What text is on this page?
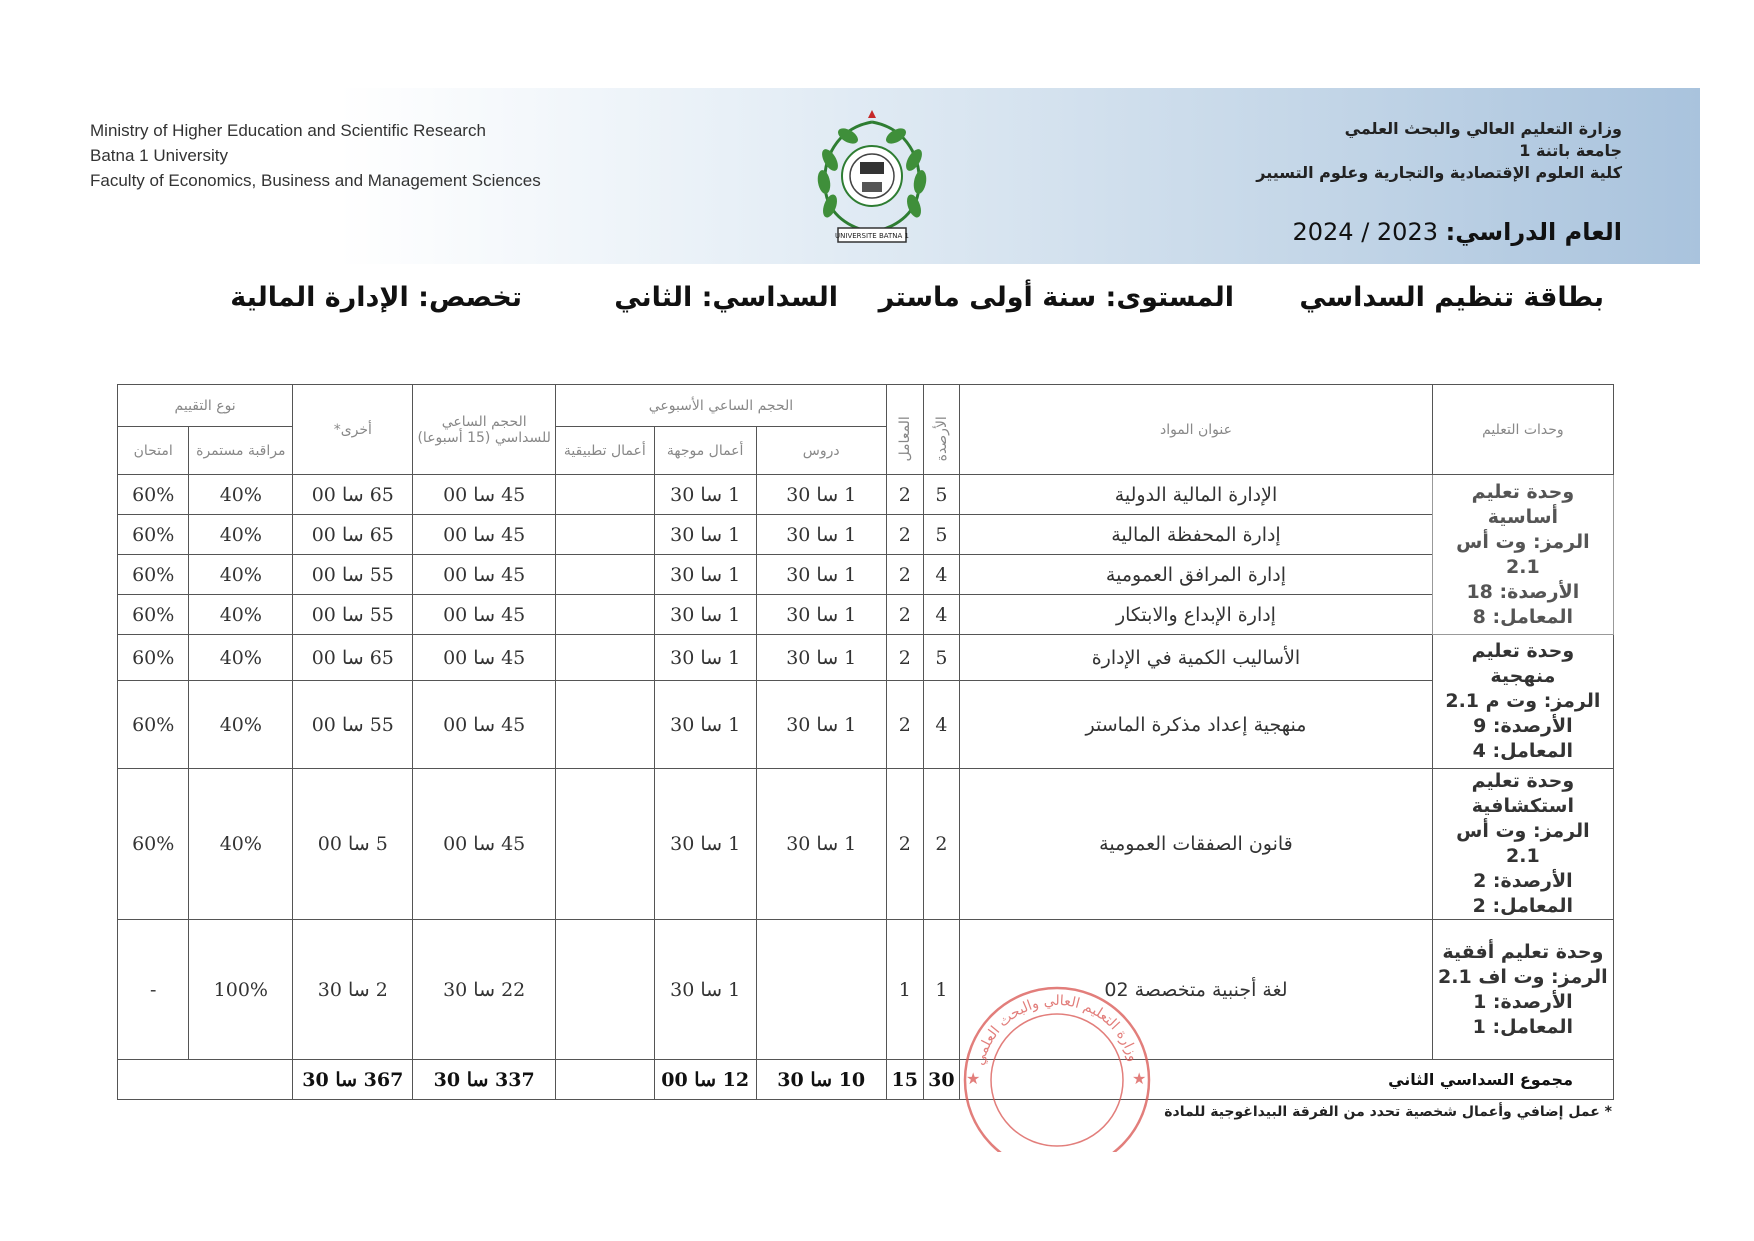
Ministry of Higher Education and Scientific Research
Batna 1 University
Faculty of Economics, Business and Management Sciences
UNIVERSITE BATNA 1
وزارة التعليم العالي والبحث العلمي
جامعة باتنة 1
كلية العلوم الإقتصادية والتجارية وعلوم التسيير
العام الدراسي: 2024 / 2023
بطاقة تنظيم السداسي
المستوى: سنة أولى ماستر
السداسي: الثاني
تخصص: الإدارة المالية
وحدات التعليم	عنوان المواد	الأرصدة	المعامل	الحجم الساعي الأسبوعي			الحجم الساعي للسداسي (15 أسبوعا)	أخرى*	نوع التقييم	
				دروس	أعمال موجهة	أعمال تطبيقية			مراقبة مستمرة	امتحان

وحدة تعليم أساسية
الرمز: وت أس 2.1
الأرصدة: 18
المعامل: 8	الإدارة المالية الدولية	5	2	1 سا 30	1 سا 30		45 سا 00	65 سا 00	40%	60%
	إدارة المحفظة المالية	5	2	1 سا 30	1 سا 30		45 سا 00	65 سا 00	40%	60%
	إدارة المرافق العمومية	4	2	1 سا 30	1 سا 30		45 سا 00	55 سا 00	40%	60%
	إدارة الإبداع والابتكار	4	2	1 سا 30	1 سا 30		45 سا 00	55 سا 00	40%	60%

وحدة تعليم منهجية
الرمز: وت م 2.1
الأرصدة: 9
المعامل: 4	الأساليب الكمية في الإدارة	5	2	1 سا 30	1 سا 30		45 سا 00	65 سا 00	40%	60%
	منهجية إعداد مذكرة الماستر	4	2	1 سا 30	1 سا 30		45 سا 00	55 سا 00	40%	60%

وحدة تعليم استكشافية
الرمز: وت أس 2.1
الأرصدة: 2
المعامل: 2	قانون الصفقات العمومية	2	2	1 سا 30	1 سا 30		45 سا 00	5 سا 00	40%	60%

وحدة تعليم أفقية
الرمز: وت اف 2.1
الأرصدة: 1
المعامل: 1	لغة أجنبية متخصصة 02	1	1		1 سا 30		22 سا 30	2 سا 30	100%	-
مجموع السداسي الثاني		30	15	10 سا 30	12 سا 00		337 سا 30	367 سا 30		
وزارة التعليم العالي والبحث العلمي
★	★
* عمل إضافي وأعمال شخصية تحدد من الفرقة البيداغوجية للمادة
